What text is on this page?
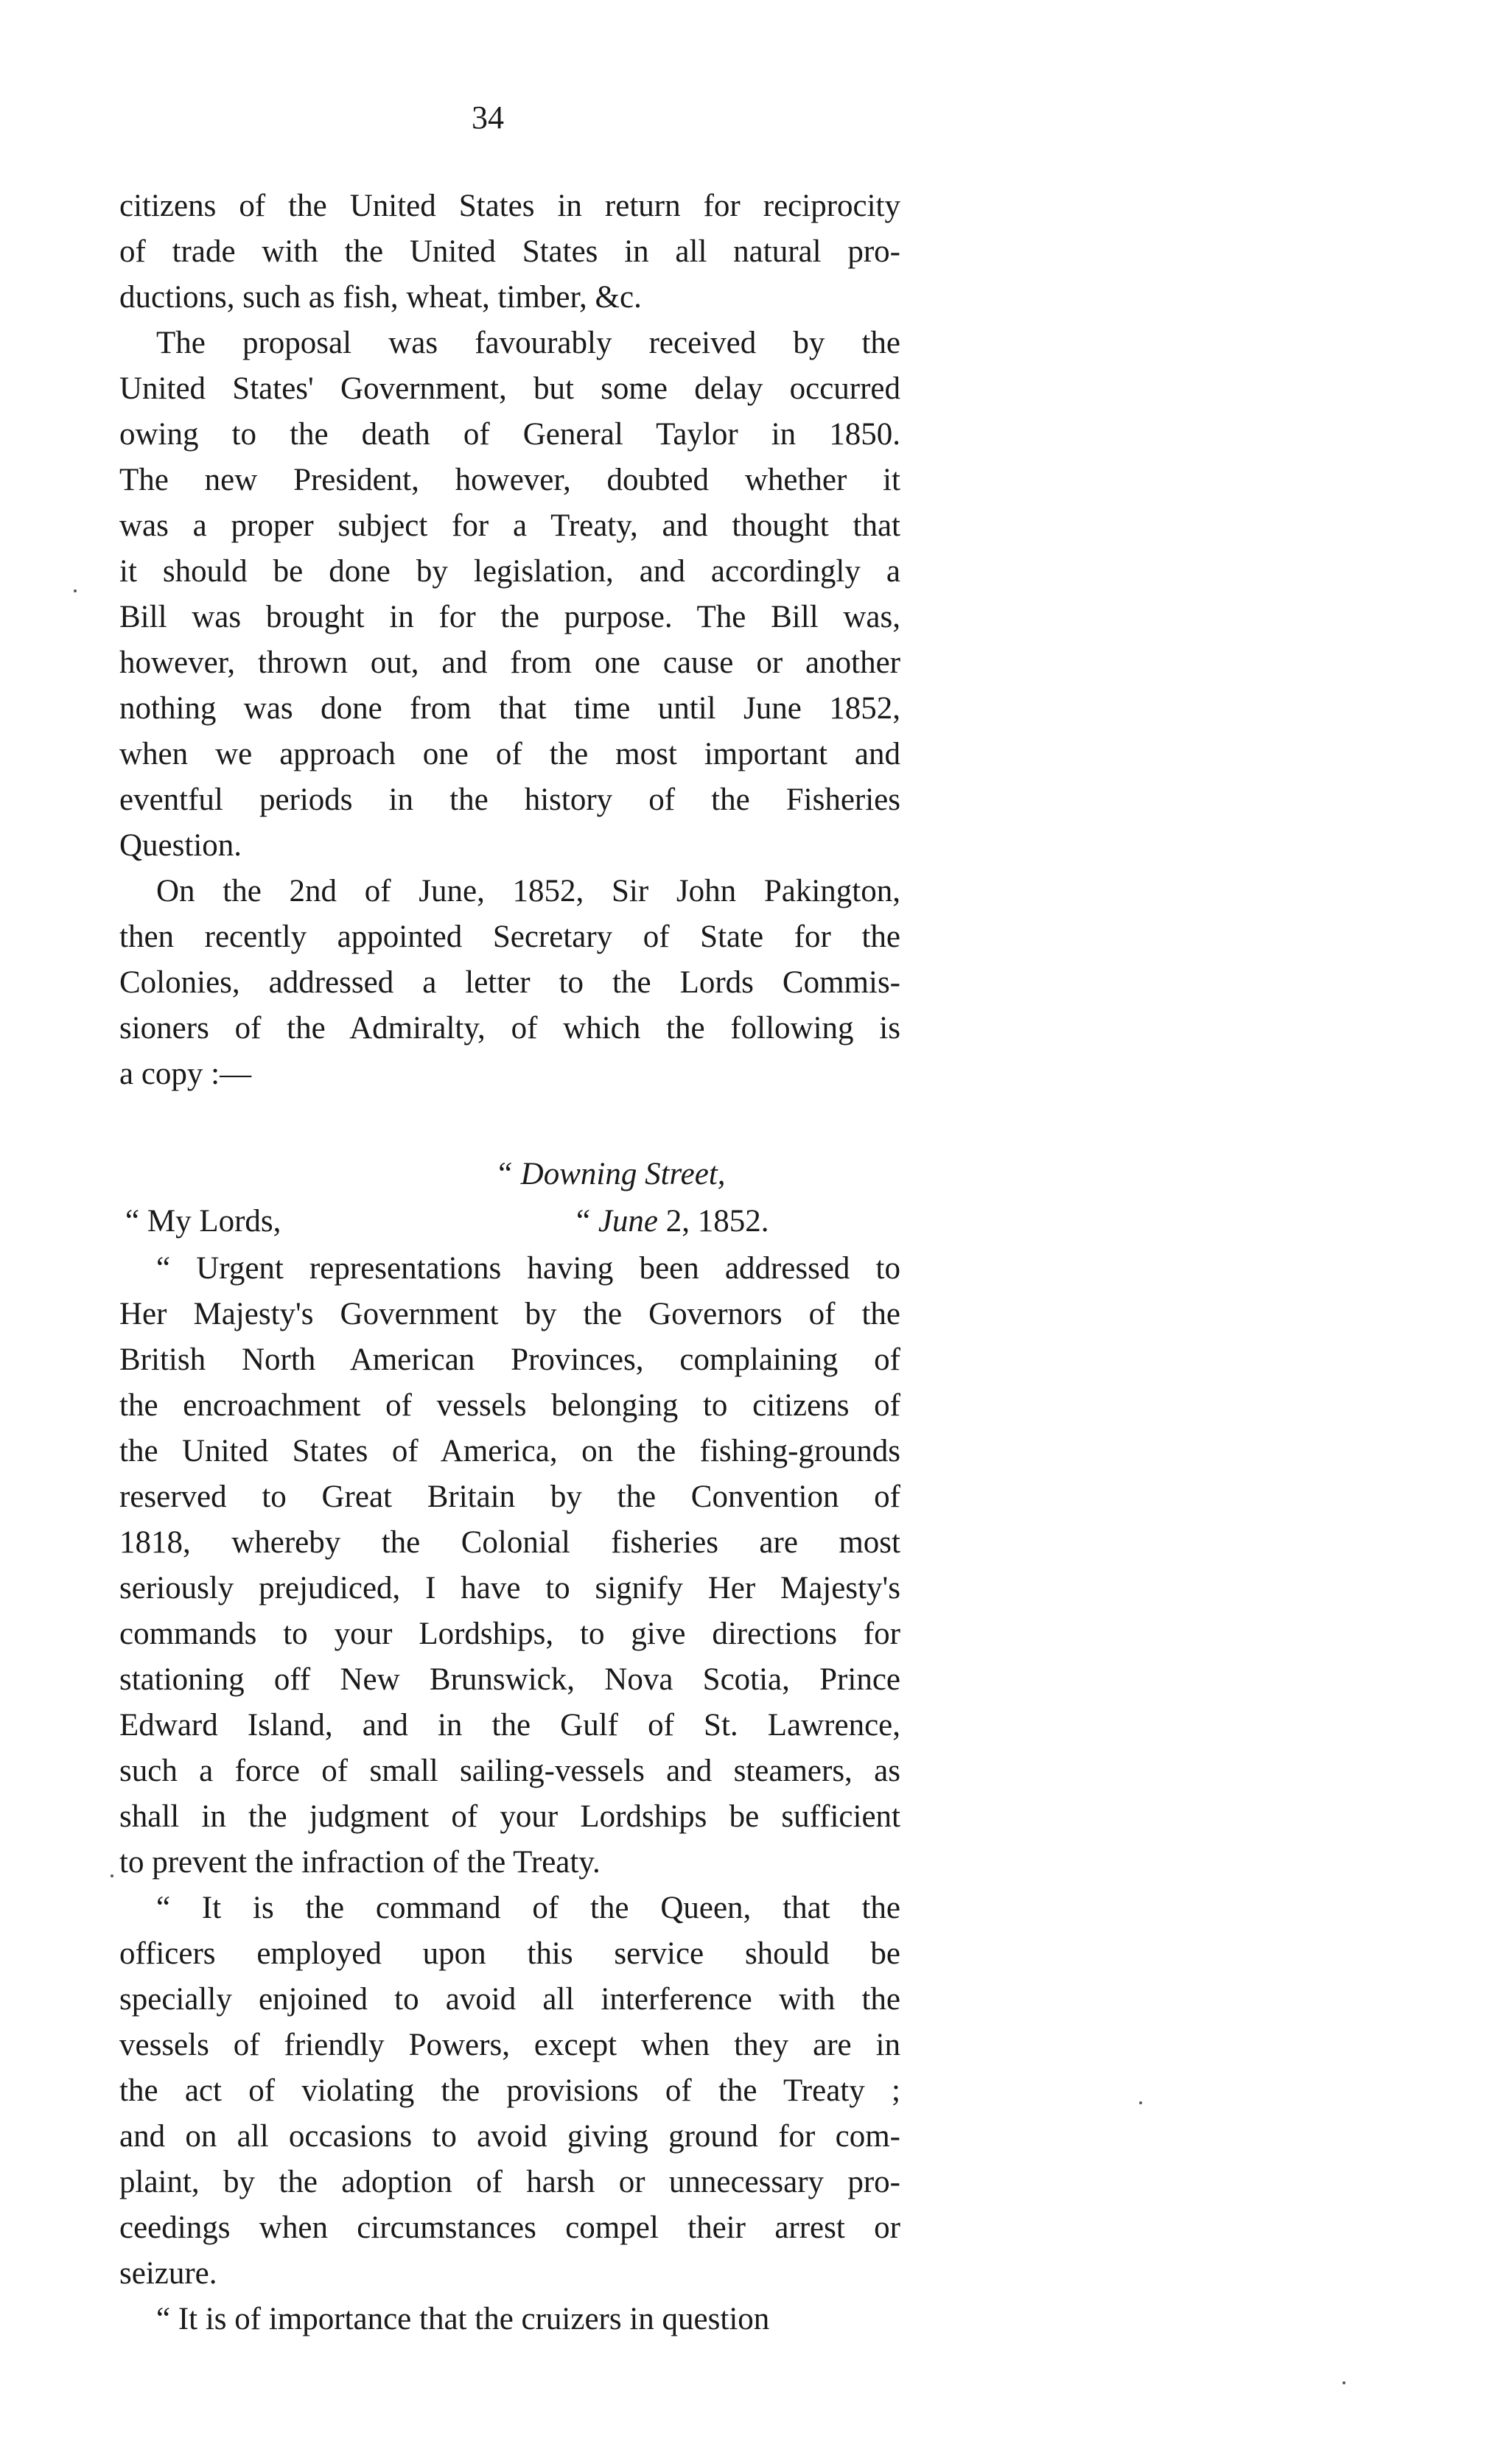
34
citizens of the United States in return for reciprocity
of trade with the United States in all natural pro-
ductions, such as fish, wheat, timber, &c.
The proposal was favourably received by the
United States' Government, but some delay occurred
owing to the death of General Taylor in 1850.
The new President, however, doubted whether it
was a proper subject for a Treaty, and thought that
it should be done by legislation, and accordingly a
Bill was brought in for the purpose. The Bill was,
however, thrown out, and from one cause or another
nothing was done from that time until June 1852,
when we approach one of the most important and
eventful periods in the history of the Fisheries
Question.
On the 2nd of June, 1852, Sir John Pakington,
then recently appointed Secretary of State for the
Colonies, addressed a letter to the Lords Commis-
sioners of the Admiralty, of which the following is
a copy :—
“ Downing Street,
“ My Lords,	“ June 2, 1852.
“ Urgent representations having been addressed to
Her Majesty's Government by the Governors of the
British North American Provinces, complaining of
the encroachment of vessels belonging to citizens of
the United States of America, on the fishing-grounds
reserved to Great Britain by the Convention of
1818, whereby the Colonial fisheries are most
seriously prejudiced, I have to signify Her Majesty's
commands to your Lordships, to give directions for
stationing off New Brunswick, Nova Scotia, Prince
Edward Island, and in the Gulf of St. Lawrence,
such a force of small sailing-vessels and steamers, as
shall in the judgment of your Lordships be sufficient
to prevent the infraction of the Treaty.
“ It is the command of the Queen, that the
officers employed upon this service should be
specially enjoined to avoid all interference with the
vessels of friendly Powers, except when they are in
the act of violating the provisions of the Treaty ;
and on all occasions to avoid giving ground for com-
plaint, by the adoption of harsh or unnecessary pro-
ceedings when circumstances compel their arrest or
seizure.
“ It is of importance that the cruizers in question
